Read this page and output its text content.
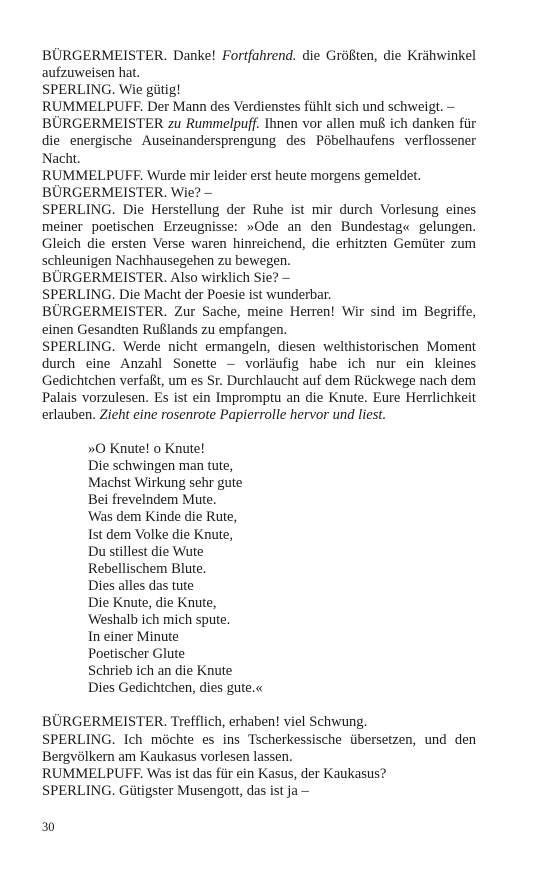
BÜRGERMEISTER. Danke! Fortfahrend. die Größten, die Krähwinkel aufzuweisen hat.
SPERLING. Wie gütig!
RUMMELPUFF. Der Mann des Verdienstes fühlt sich und schweigt. –
BÜRGERMEISTER zu Rummelpuff. Ihnen vor allen muß ich danken für die energische Auseinandersprengung des Pöbelhaufens verflossener Nacht.
RUMMELPUFF. Wurde mir leider erst heute morgens gemeldet.
BÜRGERMEISTER. Wie? –
SPERLING. Die Herstellung der Ruhe ist mir durch Vorlesung eines meiner poetischen Erzeugnisse: »Ode an den Bundestag« gelungen. Gleich die ersten Verse waren hinreichend, die erhitzten Gemüter zum schleunigen Nachhausegehen zu bewegen.
BÜRGERMEISTER. Also wirklich Sie? –
SPERLING. Die Macht der Poesie ist wunderbar.
BÜRGERMEISTER. Zur Sache, meine Herren! Wir sind im Begriffe, einen Gesandten Rußlands zu empfangen.
SPERLING. Werde nicht ermangeln, diesen welthistorischen Moment durch eine Anzahl Sonette – vorläufig habe ich nur ein kleines Gedichtchen verfaßt, um es Sr. Durchlaucht auf dem Rückwege nach dem Palais vorzulesen. Es ist ein Impromptu an die Knute. Eure Herrlichkeit erlauben. Zieht eine rosenrote Papierrolle hervor und liest.
»O Knute! o Knute!
Die schwingen man tute,
Machst Wirkung sehr gute
Bei frevelndem Mute.
Was dem Kinde die Rute,
Ist dem Volke die Knute,
Du stillest die Wute
Rebellischem Blute.
Dies alles das tute
Die Knute, die Knute,
Weshalb ich mich spute.
In einer Minute
Poetischer Glute
Schrieb ich an die Knute
Dies Gedichtchen, dies gute.«
BÜRGERMEISTER. Trefflich, erhaben! viel Schwung.
SPERLING. Ich möchte es ins Tscherkessische übersetzen, und den Bergvölkern am Kaukasus vorlesen lassen.
RUMMELPUFF. Was ist das für ein Kasus, der Kaukasus?
SPERLING. Gütigster Musengott, das ist ja –
30
